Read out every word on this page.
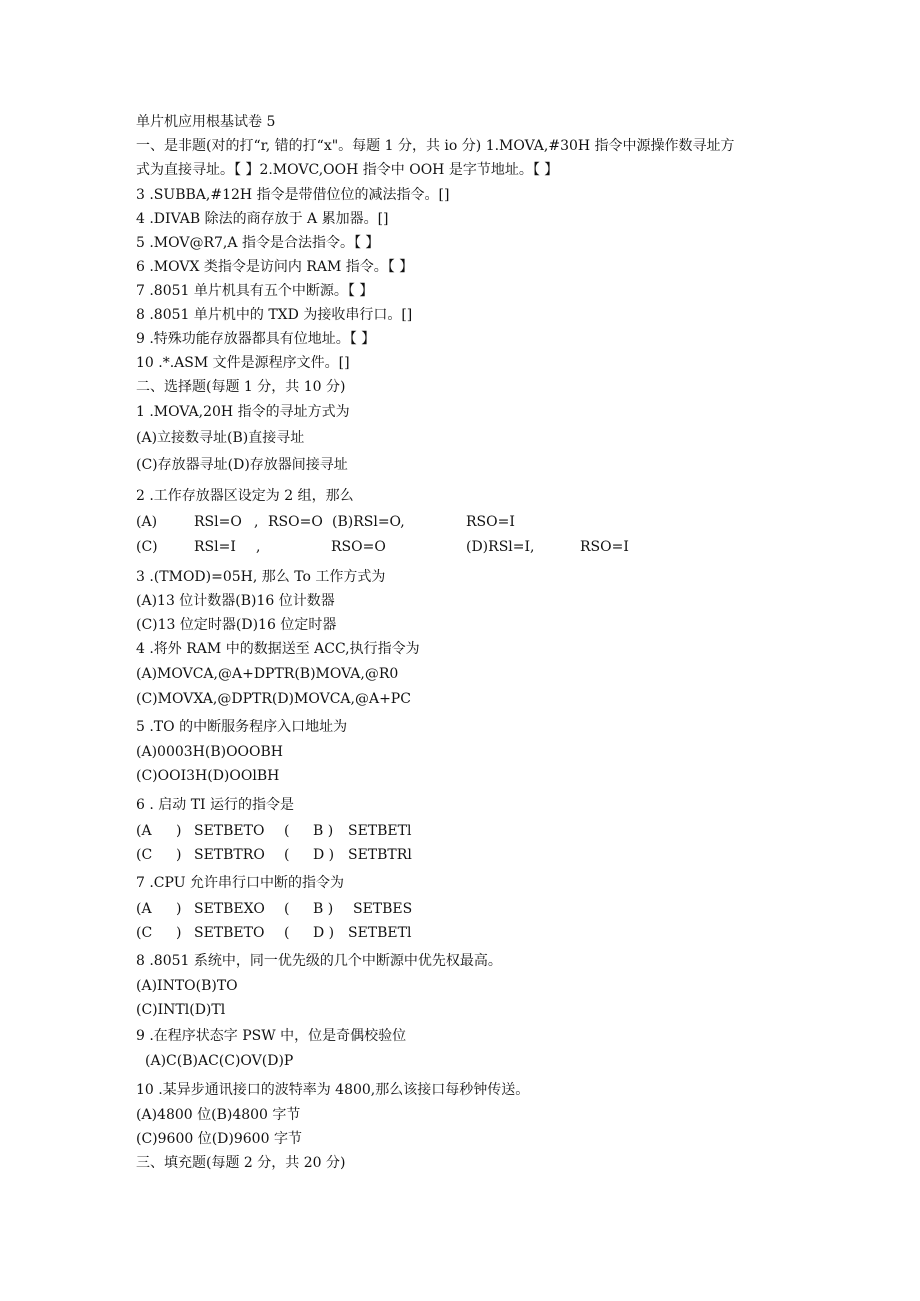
单片机应用根基试卷 5
一、是非题(对的打“r, 错的打“x"。每题 1 分，共 io 分) 1.MOVA,#30H 指令中源操作数寻址方
式为直接寻址。【 】2.MOVC,OOH 指令中 OOH 是字节地址。【 】
3 .SUBBA,#12H 指令是带借位位的减法指令。[]
4 .DIVAB 除法的商存放于 A 累加器。[]
5 .MOV@R7,A 指令是合法指令。【 】
6 .MOVX 类指令是访问内 RAM 指令。【 】
7 .8051 单片机具有五个中断源。【 】
8 .8051 单片机中的 TXD 为接收串行口。[]
9 .特殊功能存放器都具有位地址。【 】
10 .*.ASM 文件是源程序文件。[]
二、选择题(每题 1 分，共 10 分)
1 .MOVA,20H 指令的寻址方式为
(A)立接数寻址(B)直接寻址
(C)存放器寻址(D)存放器间接寻址
2 .工作存放器区设定为 2 组，那么
(A)	RSl=O , RSO=O (B)RSl=O,	RSO=I
(C)	RSl=I ,	RSO=O	(D)RSl=I,	RSO=I
3 .(TMOD)=05H, 那么 To 工作方式为
(A)13 位计数器(B)16 位计数器
(C)13 位定时器(D)16 位定时器
4 .将外 RAM 中的数据送至 ACC,执行指令为
(A)MOVCA,@A+DPTR(B)MOVA,@R0
(C)MOVXA,@DPTR(D)MOVCA,@A+PC
5 .TO 的中断服务程序入口地址为
(A)0003H(B)OOOBH
(C)OOI3H(D)OOlBH
6 . 启动 TI 运行的指令是
(A ) SETBETO ( B ) SETBETl
(C ) SETBTRO ( D ) SETBTRl
7 .CPU 允许串行口中断的指令为
(A ) SETBEXO ( B ) SETBES
(C ) SETBETO ( D ) SETBETl
8 .8051 系统中，同一优先级的几个中断源中优先权最高。
(A)INTO(B)TO
(C)INTl(D)Tl
9 .在程序状态字 PSW 中，位是奇偶校验位
(A)C(B)AC(C)OV(D)P
10 .某异步通讯接口的波特率为 4800,那么该接口每秒钟传送。
(A)4800 位(B)4800 字节
(C)9600 位(D)9600 字节
三、填充题(每题 2 分，共 20 分)
